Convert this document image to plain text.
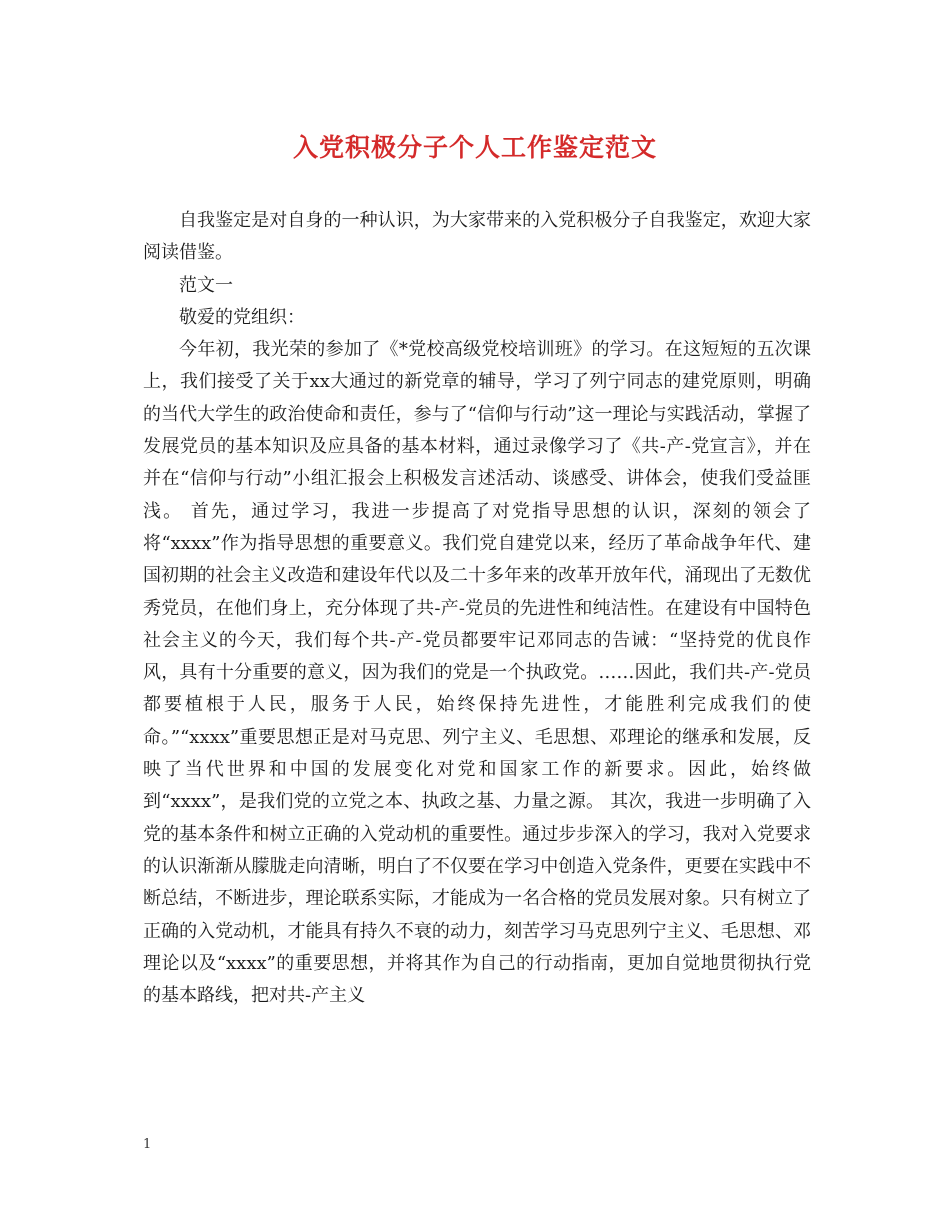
入党积极分子个人工作鉴定范文

自我鉴定是对自身的一种认识，为大家带来的入党积极分子自我鉴定，欢迎大家阅读借鉴。

范文一

敬爱的党组织：

今年初，我光荣的参加了《*党校高级党校培训班》的学习。在这短短的五次课上，我们接受了关于xx大通过的新党章的辅导，学习了列宁同志的建党原则，明确的当代大学生的政治使命和责任，参与了“信仰与行动”这一理论与实践活动，掌握了发展党员的基本知识及应具备的基本材料，通过录像学习了《共-产-党宣言》，并在并在“信仰与行动”小组汇报会上积极发言述活动、谈感受、讲体会，使我们受益匪浅。 首先，通过学习，我进一步提高了对党指导思想的认识，深刻的领会了将“xxxx”作为指导思想的重要意义。我们党自建党以来，经历了革命战争年代、建国初期的社会主义改造和建设年代以及二十多年来的改革开放年代，涌现出了无数优秀党员，在他们身上，充分体现了共-产-党员的先进性和纯洁性。在建设有中国特色社会主义的今天，我们每个共-产-党员都要牢记邓同志的告诫：“坚持党的优良作风，具有十分重要的意义，因为我们的党是一个执政党。……因此，我们共-产-党员都要植根于人民，服务于人民，始终保持先进性，才能胜利完成我们的使命。”“xxxx”重要思想正是对马克思、列宁主义、毛思想、邓理论的继承和发展，反映了当代世界和中国的发展变化对党和国家工作的新要求。因此，始终做到“xxxx”，是我们党的立党之本、执政之基、力量之源。 其次，我进一步明确了入党的基本条件和树立正确的入党动机的重要性。通过步步深入的学习，我对入党要求的认识渐渐从朦胧走向清晰，明白了不仅要在学习中创造入党条件，更要在实践中不断总结，不断进步，理论联系实际，才能成为一名合格的党员发展对象。只有树立了正确的入党动机，才能具有持久不衰的动力，刻苦学习马克思列宁主义、毛思想、邓理论以及“xxxx”的重要思想，并将其作为自己的行动指南，更加自觉地贯彻执行党的基本路线，把对共-产主义

1
